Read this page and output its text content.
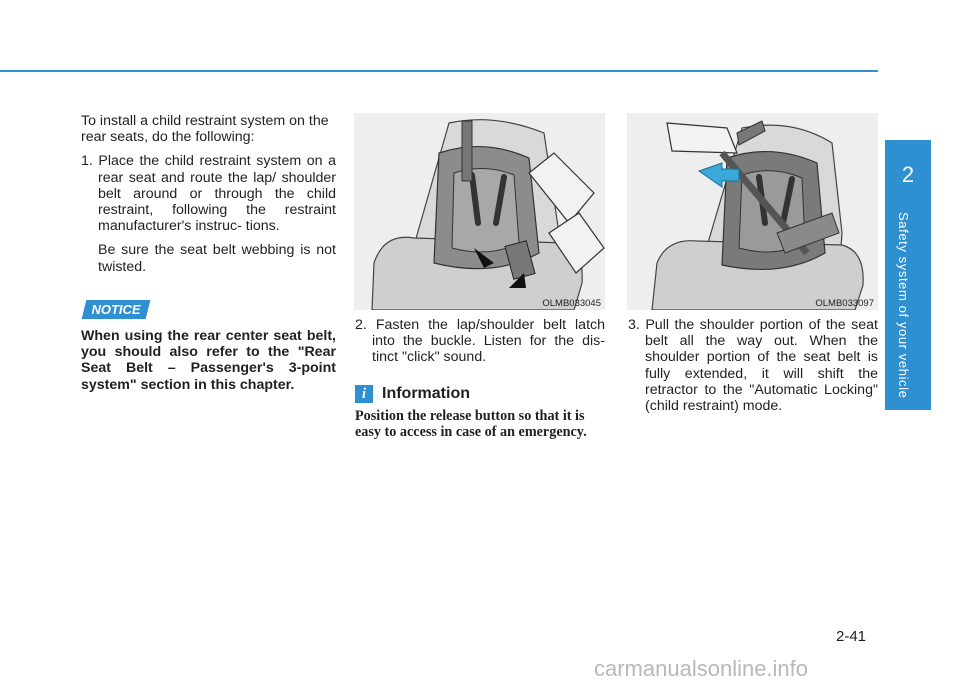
2
Safety system of your vehicle

To install a child restraint system on the rear seats, do the following:

1. Place the child restraint system on a rear seat and route the lap/ shoulder belt around or through the child restraint, following the restraint manufacturer's instruc- tions.

Be sure the seat belt webbing is not twisted.

NOTICE
When using the rear center seat belt, you should also refer to the "Rear Seat Belt – Passenger's 3-point system" section in this chapter.
OLMB033045	OLMB033097

2. Fasten the lap/shoulder belt latch into the buckle. Listen for the dis- tinct "click" sound.

i Information
Position the release button so that it is easy to access in case of an emergency.

3. Pull the shoulder portion of the seat belt all the way out. When the shoulder portion of the seat belt is fully extended, it will shift the retractor to the "Automatic Locking" (child restraint) mode.

2-41
carmanualsonline.info
